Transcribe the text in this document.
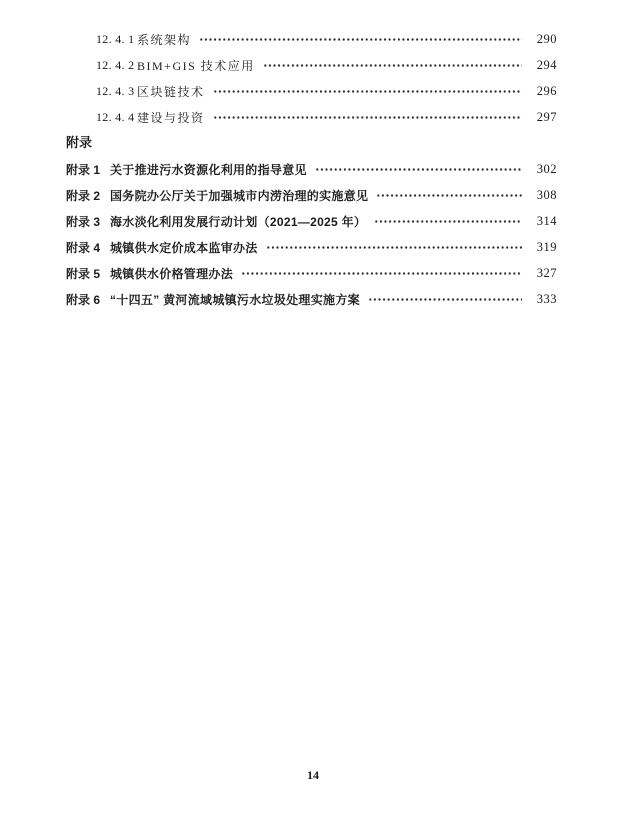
12. 4. 1 系统架构	290
12. 4. 2 BIM+GIS 技术应用	294
12. 4. 3 区块链技术	296
12. 4. 4 建设与投资	297
附录
附录 1 关于推进污水资源化利用的指导意见	302
附录 2 国务院办公厅关于加强城市内涝治理的实施意见	308
附录 3 海水淡化利用发展行动计划（2021—2025 年）	314
附录 4 城镇供水定价成本监审办法	319
附录 5 城镇供水价格管理办法	327
附录 6 “十四五” 黄河流域城镇污水垃圾处理实施方案	333
14
